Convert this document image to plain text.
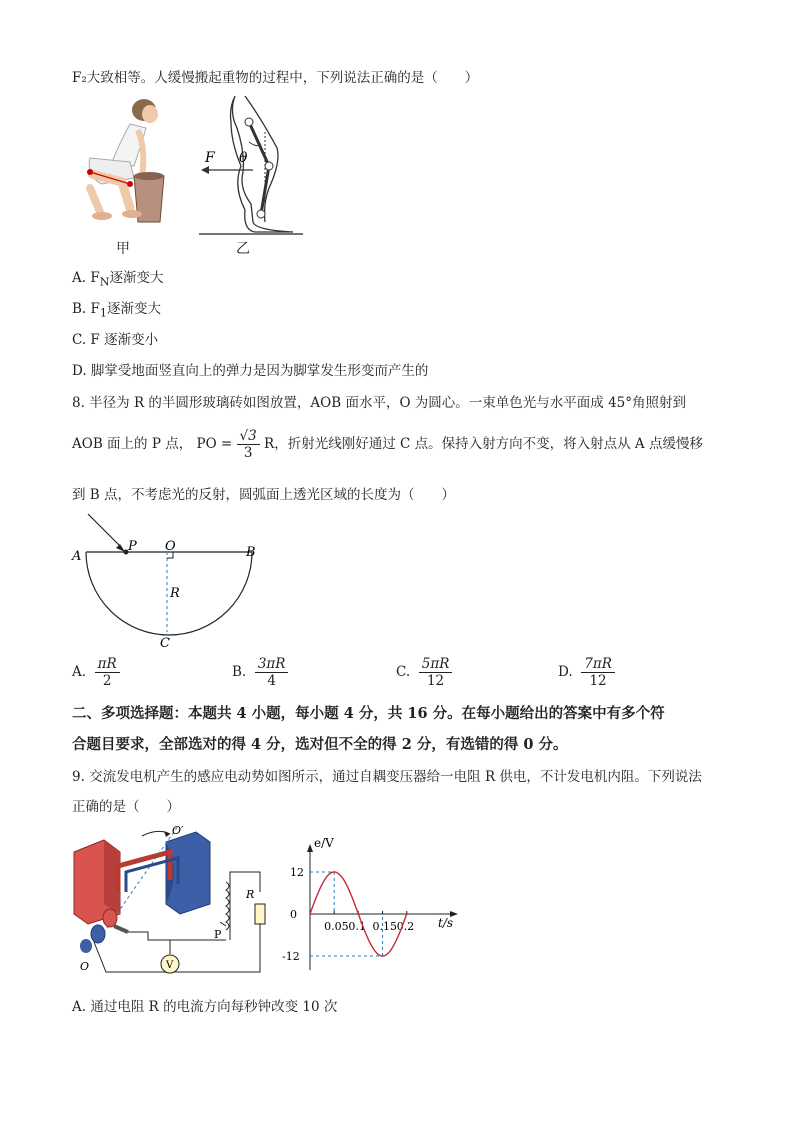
F₂大致相等。人缓慢搬起重物的过程中，下列说法正确的是（　　）
甲
F θ
乙
A. $F_N$逐渐变大
B. $F_1$逐渐变大
C. F 逐渐变小
D. 脚掌受地面竖直向上的弹力是因为脚掌发生形变而产生的
8. 半径为 R 的半圆形玻璃砖如图放置，AOB 面水平，O 为圆心。一束单色光与水平面成 45°角照射到
AOB 面上的 P 点， PO = $\frac{√3}{3}$ R，折射光线刚好通过 C 点。保持入射方向不变，将入射点从 A 点缓慢移
到 B 点，不考虑光的反射，圆弧面上透光区域的长度为（　　）
A
P O	B
R
C
A. $\frac{\pi R}{2}$	B. $\frac{3\pi R}{4}$	C. $\frac{5\pi R}{12}$	D. $\frac{7\pi R}{12}$
二、多项选择题：本题共 4 小题，每小题 4 分，共 16 分。在每小题给出的答案中有多个符
合题目要求，全部选对的得 4 分，选对但不全的得 2 分，有选错的得 0 分。
9. 交流发电机产生的感应电动势如图所示，通过自耦变压器给一电阻 R 供电，不计发电机内阻。下列说法
正确的是（　　）
V
O′
O
P
R
12
0
-12
0.05 0.1 0.15 0.2
e/V
t/s
A. 通过电阻 R 的电流方向每秒钟改变 10 次
